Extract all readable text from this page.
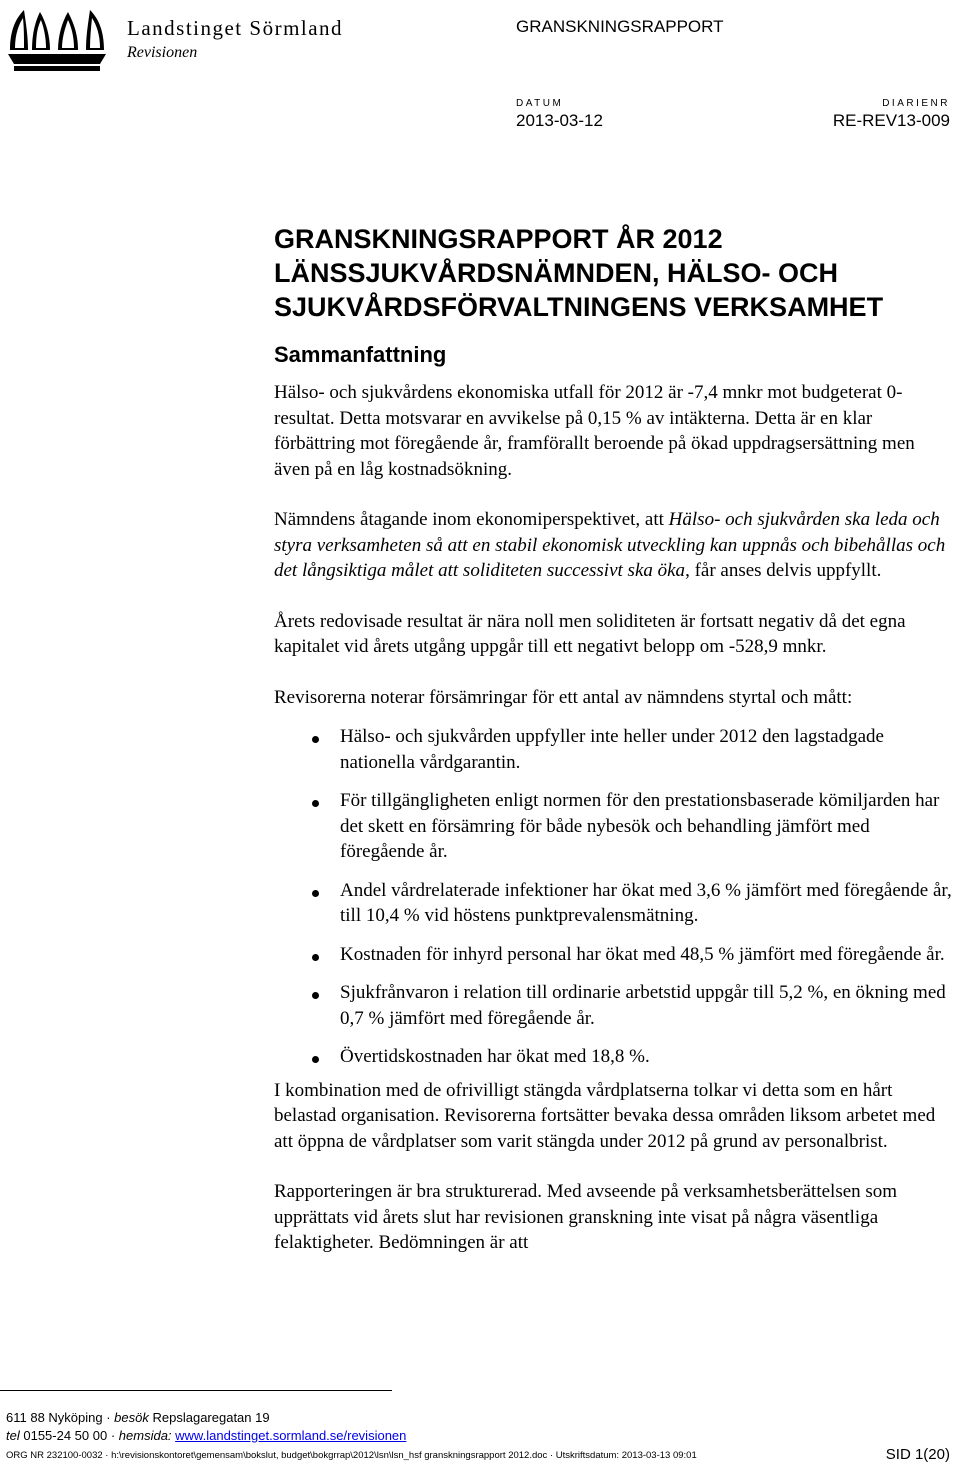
Landstinget Sörmland
Revisionen
GRANSKNINGSRAPPORT
DATUM
2013-03-12
DIARIENR
RE-REV13-009
GRANSKNINGSRAPPORT ÅR 2012
LÄNSSJUKVÅRDSNÄMNDEN, HÄLSO- OCH
SJUKVÅRDSFÖRVALTNINGENS VERKSAMHET
Sammanfattning

Hälso- och sjukvårdens ekonomiska utfall för 2012 är -7,4 mnkr mot budgeterat 0-resultat. Detta motsvarar en avvikelse på 0,15 % av intäkterna. Detta är en klar förbättring mot föregående år, framförallt beroende på ökad uppdragsersättning men även på en låg kostnadsökning.

Nämndens åtagande inom ekonomiperspektivet, att Hälso- och sjukvården ska leda och styra verksamheten så att en stabil ekonomisk utveckling kan uppnås och bibehållas och det långsiktiga målet att soliditeten successivt ska öka, får anses delvis uppfyllt.

Årets redovisade resultat är nära noll men soliditeten är fortsatt negativ då det egna kapitalet vid årets utgång uppgår till ett negativt belopp om -528,9 mnkr.

Revisorerna noterar försämringar för ett antal av nämndens styrtal och mått:

Hälso- och sjukvården uppfyller inte heller under 2012 den lagstadgade nationella vårdgarantin.
För tillgängligheten enligt normen för den prestationsbaserade kömiljarden har det skett en försämring för både nybesök och behandling jämfört med föregående år.
Andel vårdrelaterade infektioner har ökat med 3,6 % jämfört med föregående år, till 10,4 % vid höstens punktprevalensmätning.
Kostnaden för inhyrd personal har ökat med 48,5 % jämfört med föregående år.
Sjukfrånvaron i relation till ordinarie arbetstid uppgår till 5,2 %, en ökning med 0,7 % jämfört med föregående år.
Övertidskostnaden har ökat med 18,8 %.

I kombination med de ofrivilligt stängda vårdplatserna tolkar vi detta som en hårt belastad organisation. Revisorerna fortsätter bevaka dessa områden liksom arbetet med att öppna de vårdplatser som varit stängda under 2012 på grund av personalbrist.

Rapporteringen är bra strukturerad. Med avseende på verksamhetsberättelsen som upprättats vid årets slut har revisionen granskning inte visat på några väsentliga felaktigheter. Bedömningen är att

611 88 Nyköping · besök Repslagaregatan 19
tel 0155-24 50 00 · hemsida: www.landstinget.sormland.se/revisionen
ORG NR 232100-0032 · h:\revisionskontoret\gemensam\bokslut, budget\bokgrrap\2012\lsn\lsn_hsf granskningsrapport 2012.doc · Utskriftsdatum: 2013-03-13 09:01	SID 1(20)
